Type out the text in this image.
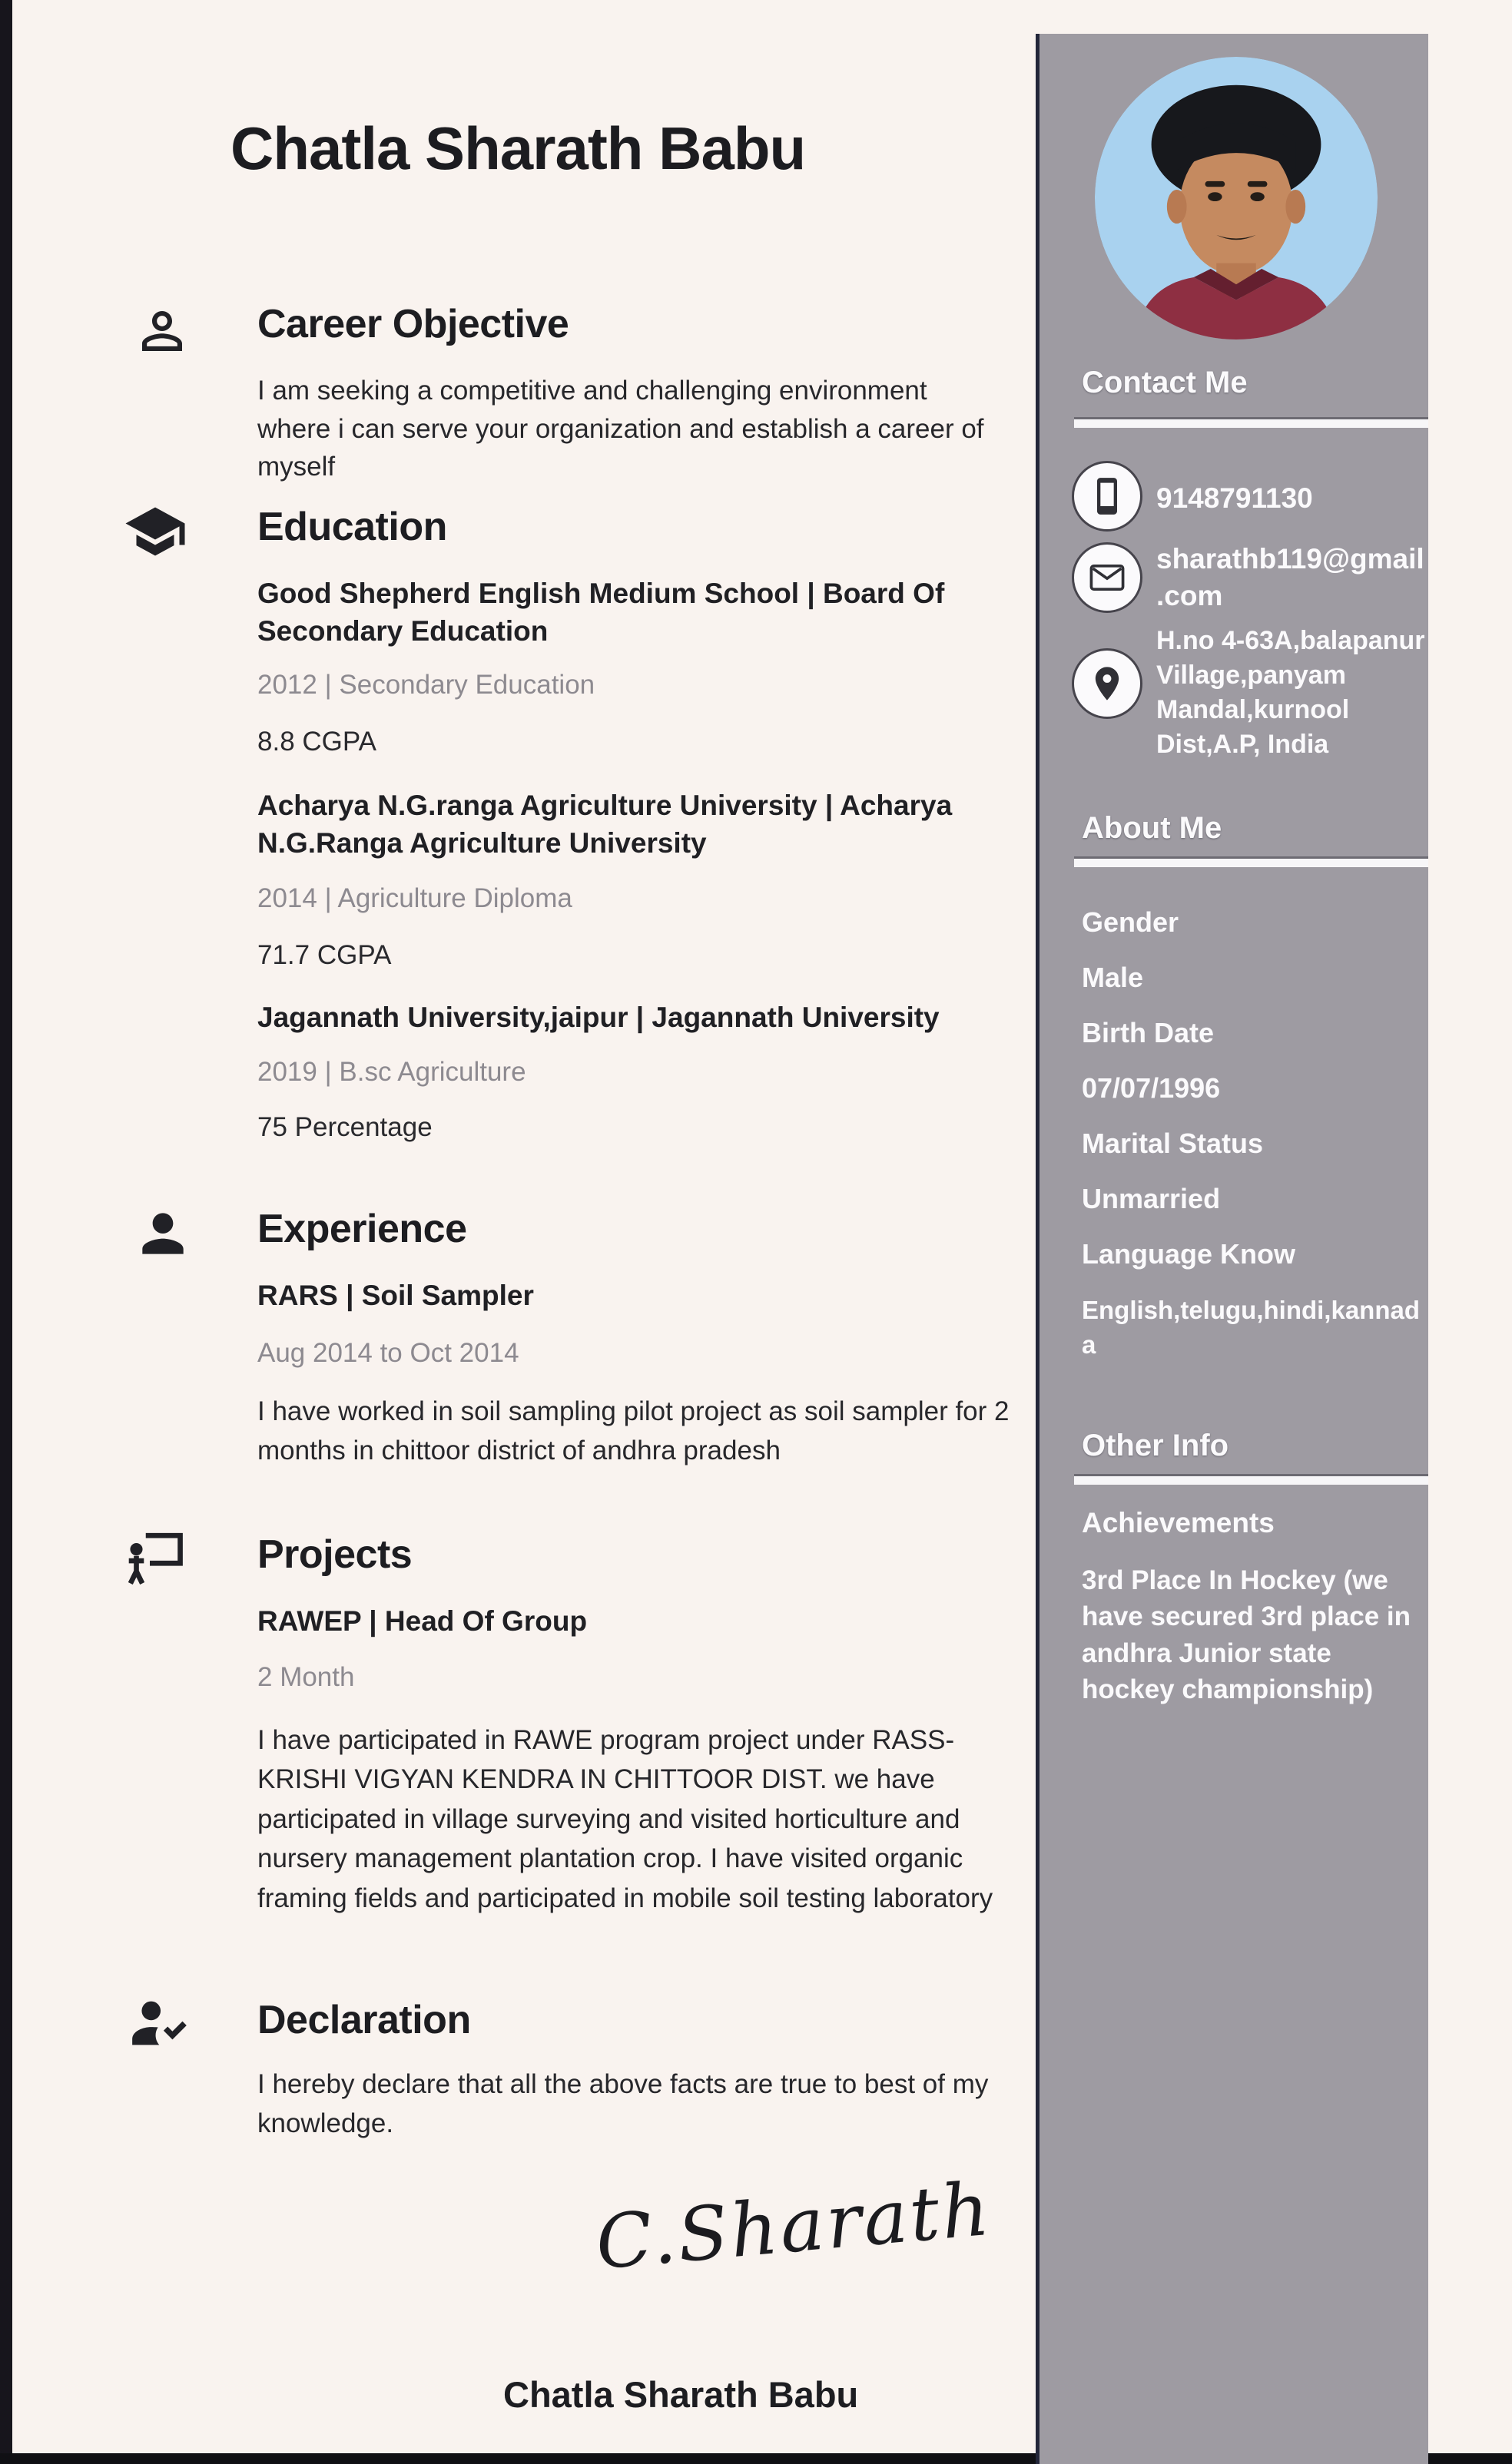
Chatla Sharath Babu
Career Objective
I am seeking a competitive and challenging environment where i can serve your organization and establish a career of myself
Education
Good Shepherd English Medium School | Board Of Secondary Education
2012 | Secondary Education
8.8 CGPA
Acharya N.G.ranga Agriculture University | Acharya N.G.Ranga Agriculture University
2014 | Agriculture Diploma
71.7 CGPA
Jagannath University,jaipur | Jagannath University
2019 | B.sc Agriculture
75 Percentage
Experience
RARS | Soil Sampler
Aug 2014 to Oct 2014
I have worked in soil sampling pilot project as soil sampler for 2 months in chittoor district of andhra pradesh
Projects
RAWEP | Head Of Group
2 Month
I have participated in RAWE program project under RASS-KRISHI VIGYAN KENDRA IN CHITTOOR DIST. we have participated in village surveying and visited horticulture and nursery management plantation crop. I have visited organic framing fields and participated in mobile soil testing laboratory
Declaration
I hereby declare that all the above facts are true to best of my knowledge.
C.Sharath
Chatla Sharath Babu
Contact Me
9148791130
sharathb119@gmail.com
H.no 4-63A,balapanur Village,panyam Mandal,kurnool Dist,A.P, India
About Me
Gender
Male
Birth Date
07/07/1996
Marital Status
Unmarried
Language Know
English,telugu,hindi,kannada
Other Info
Achievements
3rd Place In Hockey (we have secured 3rd place in andhra Junior state hockey championship)
